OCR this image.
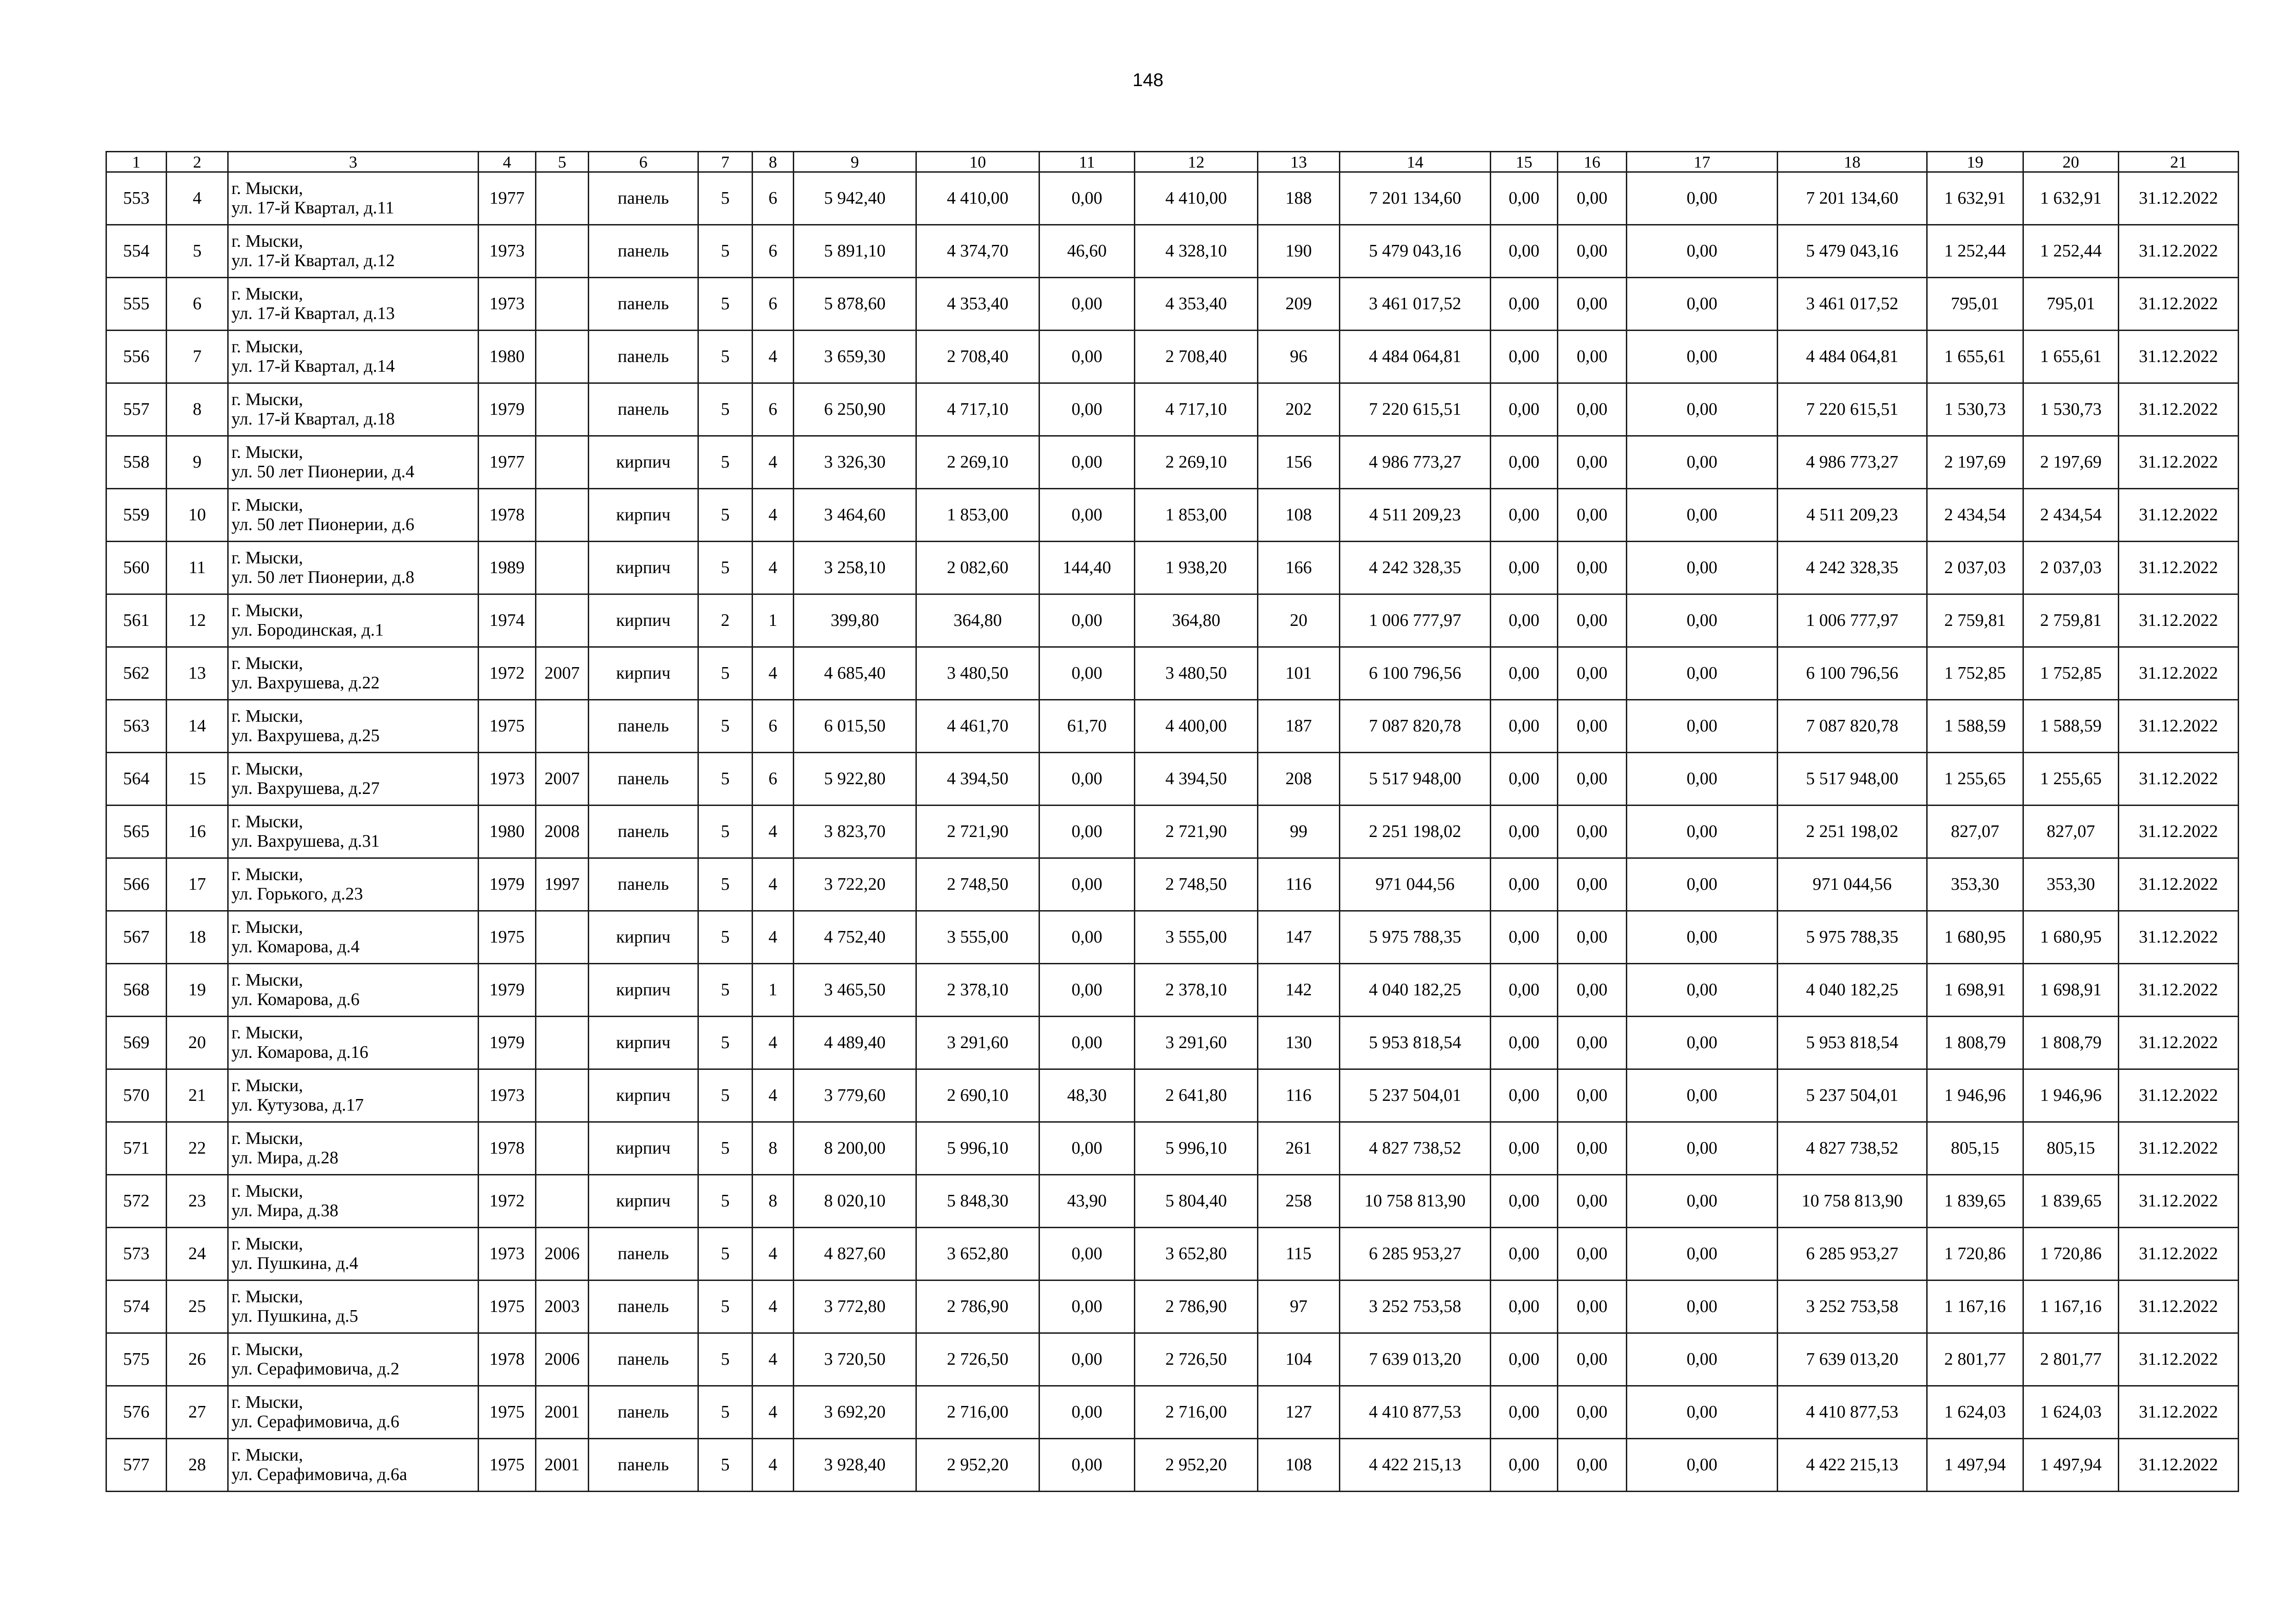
148
1	2	3	4	5	6	7	8	9	10	11	12	13	14	15	16	17	18	19	20	21
553	4	г. Мыски,
ул. 17-й Квартал, д.11	1977		панель	5	6	5 942,40	4 410,00	0,00	4 410,00	188	7 201 134,60	0,00	0,00	0,00	7 201 134,60	1 632,91	1 632,91	31.12.2022
554	5	г. Мыски,
ул. 17-й Квартал, д.12	1973		панель	5	6	5 891,10	4 374,70	46,60	4 328,10	190	5 479 043,16	0,00	0,00	0,00	5 479 043,16	1 252,44	1 252,44	31.12.2022
555	6	г. Мыски,
ул. 17-й Квартал, д.13	1973		панель	5	6	5 878,60	4 353,40	0,00	4 353,40	209	3 461 017,52	0,00	0,00	0,00	3 461 017,52	795,01	795,01	31.12.2022
556	7	г. Мыски,
ул. 17-й Квартал, д.14	1980		панель	5	4	3 659,30	2 708,40	0,00	2 708,40	96	4 484 064,81	0,00	0,00	0,00	4 484 064,81	1 655,61	1 655,61	31.12.2022
557	8	г. Мыски,
ул. 17-й Квартал, д.18	1979		панель	5	6	6 250,90	4 717,10	0,00	4 717,10	202	7 220 615,51	0,00	0,00	0,00	7 220 615,51	1 530,73	1 530,73	31.12.2022
558	9	г. Мыски,
ул. 50 лет Пионерии, д.4	1977		кирпич	5	4	3 326,30	2 269,10	0,00	2 269,10	156	4 986 773,27	0,00	0,00	0,00	4 986 773,27	2 197,69	2 197,69	31.12.2022
559	10	г. Мыски,
ул. 50 лет Пионерии, д.6	1978		кирпич	5	4	3 464,60	1 853,00	0,00	1 853,00	108	4 511 209,23	0,00	0,00	0,00	4 511 209,23	2 434,54	2 434,54	31.12.2022
560	11	г. Мыски,
ул. 50 лет Пионерии, д.8	1989		кирпич	5	4	3 258,10	2 082,60	144,40	1 938,20	166	4 242 328,35	0,00	0,00	0,00	4 242 328,35	2 037,03	2 037,03	31.12.2022
561	12	г. Мыски,
ул. Бородинская, д.1	1974		кирпич	2	1	399,80	364,80	0,00	364,80	20	1 006 777,97	0,00	0,00	0,00	1 006 777,97	2 759,81	2 759,81	31.12.2022
562	13	г. Мыски,
ул. Вахрушева, д.22	1972	2007	кирпич	5	4	4 685,40	3 480,50	0,00	3 480,50	101	6 100 796,56	0,00	0,00	0,00	6 100 796,56	1 752,85	1 752,85	31.12.2022
563	14	г. Мыски,
ул. Вахрушева, д.25	1975		панель	5	6	6 015,50	4 461,70	61,70	4 400,00	187	7 087 820,78	0,00	0,00	0,00	7 087 820,78	1 588,59	1 588,59	31.12.2022
564	15	г. Мыски,
ул. Вахрушева, д.27	1973	2007	панель	5	6	5 922,80	4 394,50	0,00	4 394,50	208	5 517 948,00	0,00	0,00	0,00	5 517 948,00	1 255,65	1 255,65	31.12.2022
565	16	г. Мыски,
ул. Вахрушева, д.31	1980	2008	панель	5	4	3 823,70	2 721,90	0,00	2 721,90	99	2 251 198,02	0,00	0,00	0,00	2 251 198,02	827,07	827,07	31.12.2022
566	17	г. Мыски,
ул. Горького, д.23	1979	1997	панель	5	4	3 722,20	2 748,50	0,00	2 748,50	116	971 044,56	0,00	0,00	0,00	971 044,56	353,30	353,30	31.12.2022
567	18	г. Мыски,
ул. Комарова, д.4	1975		кирпич	5	4	4 752,40	3 555,00	0,00	3 555,00	147	5 975 788,35	0,00	0,00	0,00	5 975 788,35	1 680,95	1 680,95	31.12.2022
568	19	г. Мыски,
ул. Комарова, д.6	1979		кирпич	5	1	3 465,50	2 378,10	0,00	2 378,10	142	4 040 182,25	0,00	0,00	0,00	4 040 182,25	1 698,91	1 698,91	31.12.2022
569	20	г. Мыски,
ул. Комарова, д.16	1979		кирпич	5	4	4 489,40	3 291,60	0,00	3 291,60	130	5 953 818,54	0,00	0,00	0,00	5 953 818,54	1 808,79	1 808,79	31.12.2022
570	21	г. Мыски,
ул. Кутузова, д.17	1973		кирпич	5	4	3 779,60	2 690,10	48,30	2 641,80	116	5 237 504,01	0,00	0,00	0,00	5 237 504,01	1 946,96	1 946,96	31.12.2022
571	22	г. Мыски,
ул. Мира, д.28	1978		кирпич	5	8	8 200,00	5 996,10	0,00	5 996,10	261	4 827 738,52	0,00	0,00	0,00	4 827 738,52	805,15	805,15	31.12.2022
572	23	г. Мыски,
ул. Мира, д.38	1972		кирпич	5	8	8 020,10	5 848,30	43,90	5 804,40	258	10 758 813,90	0,00	0,00	0,00	10 758 813,90	1 839,65	1 839,65	31.12.2022
573	24	г. Мыски,
ул. Пушкина, д.4	1973	2006	панель	5	4	4 827,60	3 652,80	0,00	3 652,80	115	6 285 953,27	0,00	0,00	0,00	6 285 953,27	1 720,86	1 720,86	31.12.2022
574	25	г. Мыски,
ул. Пушкина, д.5	1975	2003	панель	5	4	3 772,80	2 786,90	0,00	2 786,90	97	3 252 753,58	0,00	0,00	0,00	3 252 753,58	1 167,16	1 167,16	31.12.2022
575	26	г. Мыски,
ул. Серафимовича, д.2	1978	2006	панель	5	4	3 720,50	2 726,50	0,00	2 726,50	104	7 639 013,20	0,00	0,00	0,00	7 639 013,20	2 801,77	2 801,77	31.12.2022
576	27	г. Мыски,
ул. Серафимовича, д.6	1975	2001	панель	5	4	3 692,20	2 716,00	0,00	2 716,00	127	4 410 877,53	0,00	0,00	0,00	4 410 877,53	1 624,03	1 624,03	31.12.2022
577	28	г. Мыски,
ул. Серафимовича, д.6а	1975	2001	панель	5	4	3 928,40	2 952,20	0,00	2 952,20	108	4 422 215,13	0,00	0,00	0,00	4 422 215,13	1 497,94	1 497,94	31.12.2022
